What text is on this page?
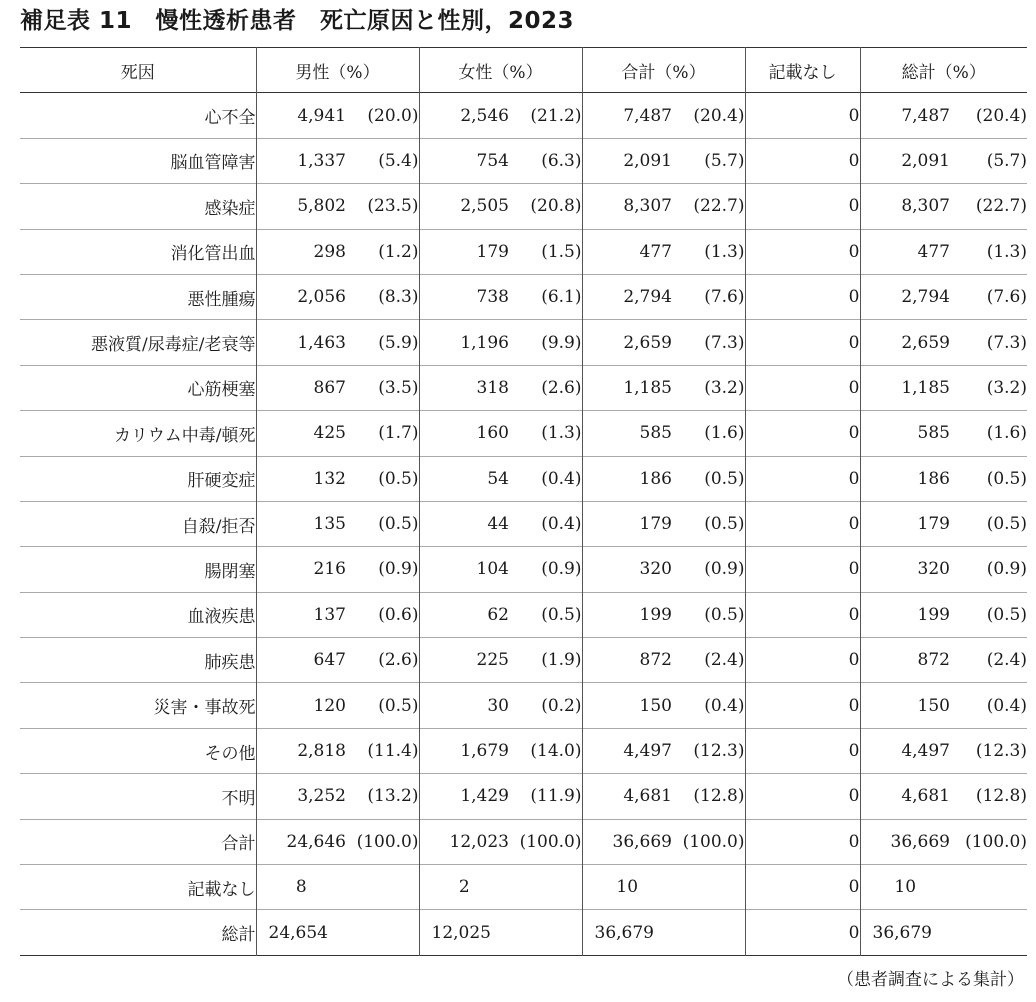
補足表 11　慢性透析患者　死亡原因と性別，2023
死因	男性（%）		女性（%）		合計（%）		記載なし	総計（%）	
心不全	4,941	(20.0)	2,546	(21.2)	7,487	(20.4)	0	7,487	(20.4)
脳血管障害	1,337	(5.4)	754	(6.3)	2,091	(5.7)	0	2,091	(5.7)
感染症	5,802	(23.5)	2,505	(20.8)	8,307	(22.7)	0	8,307	(22.7)
消化管出血	298	(1.2)	179	(1.5)	477	(1.3)	0	477	(1.3)
悪性腫瘍	2,056	(8.3)	738	(6.1)	2,794	(7.6)	0	2,794	(7.6)
悪液質/尿毒症/老衰等	1,463	(5.9)	1,196	(9.9)	2,659	(7.3)	0	2,659	(7.3)
心筋梗塞	867	(3.5)	318	(2.6)	1,185	(3.2)	0	1,185	(3.2)
カリウム中毒/頓死	425	(1.7)	160	(1.3)	585	(1.6)	0	585	(1.6)
肝硬変症	132	(0.5)	54	(0.4)	186	(0.5)	0	186	(0.5)
自殺/拒否	135	(0.5)	44	(0.4)	179	(0.5)	0	179	(0.5)
腸閉塞	216	(0.9)	104	(0.9)	320	(0.9)	0	320	(0.9)
血液疾患	137	(0.6)	62	(0.5)	199	(0.5)	0	199	(0.5)
肺疾患	647	(2.6)	225	(1.9)	872	(2.4)	0	872	(2.4)
災害・事故死	120	(0.5)	30	(0.2)	150	(0.4)	0	150	(0.4)
その他	2,818	(11.4)	1,679	(14.0)	4,497	(12.3)	0	4,497	(12.3)
不明	3,252	(13.2)	1,429	(11.9)	4,681	(12.8)	0	4,681	(12.8)
合計	24,646	(100.0)	12,023	(100.0)	36,669	(100.0)	0	36,669	(100.0)
記載なし	8		2		10		0	10	
総計	24,654		12,025		36,679		0	36,679	
（患者調査による集計）
